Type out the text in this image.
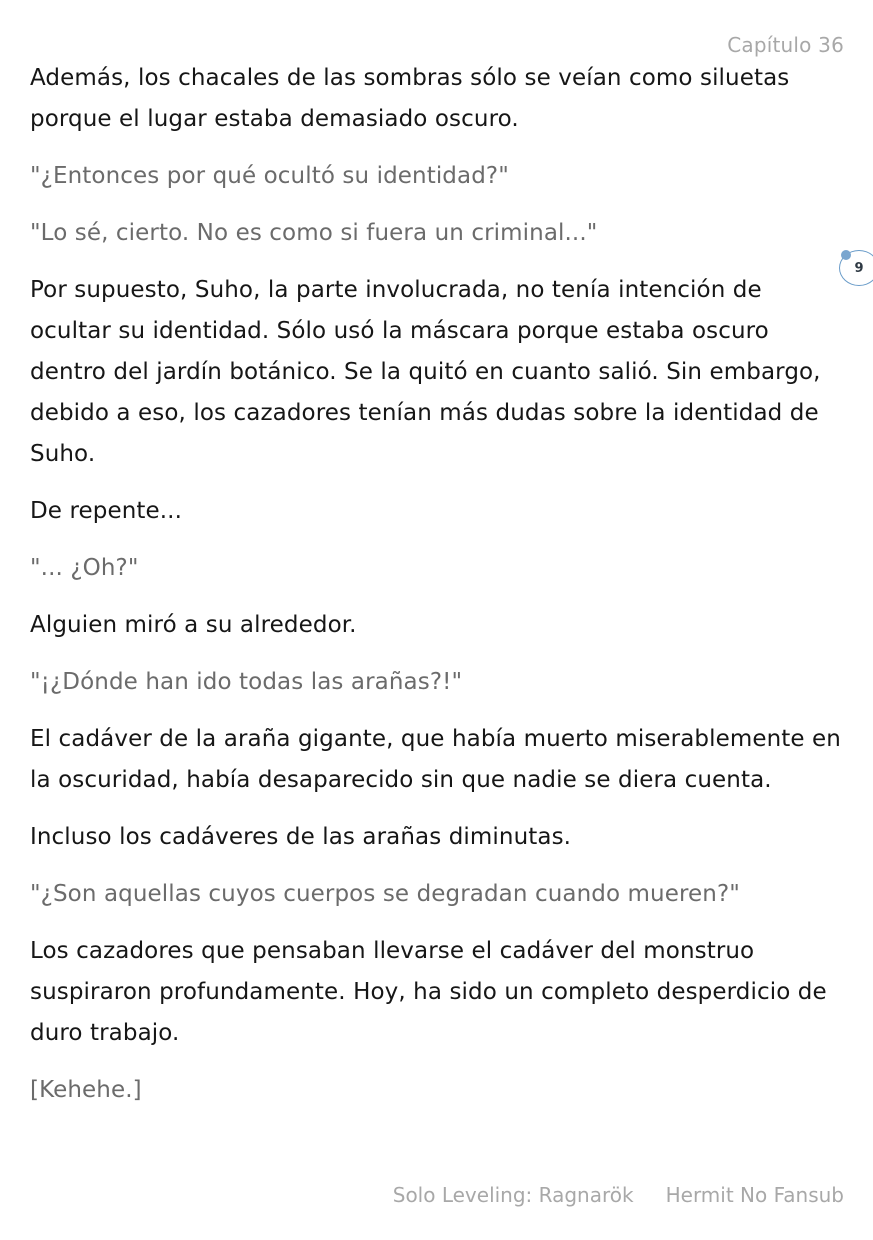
Capítulo 36

Además, los chacales de las sombras sólo se veían como siluetas porque el lugar estaba demasiado oscuro.

"¿Entonces por qué ocultó su identidad?"

"Lo sé, cierto. No es como si fuera un criminal..."

Por supuesto, Suho, la parte involucrada, no tenía intención de ocultar su identidad. Sólo usó la máscara porque estaba oscuro dentro del jardín botánico. Se la quitó en cuanto salió. Sin embargo, debido a eso, los cazadores tenían más dudas sobre la identidad de Suho.

De repente...

"... ¿Oh?"

Alguien miró a su alrededor.

"¡¿Dónde han ido todas las arañas?!"

El cadáver de la araña gigante, que había muerto miserablemente en la oscuridad, había desaparecido sin que nadie se diera cuenta.

Incluso los cadáveres de las arañas diminutas.

"¿Son aquellas cuyos cuerpos se degradan cuando mueren?"

Los cazadores que pensaban llevarse el cadáver del monstruo suspiraron profundamente. Hoy, ha sido un completo desperdicio de duro trabajo.

[Kehehe.]

9
Solo Leveling: Ragnarök Hermit No Fansub
